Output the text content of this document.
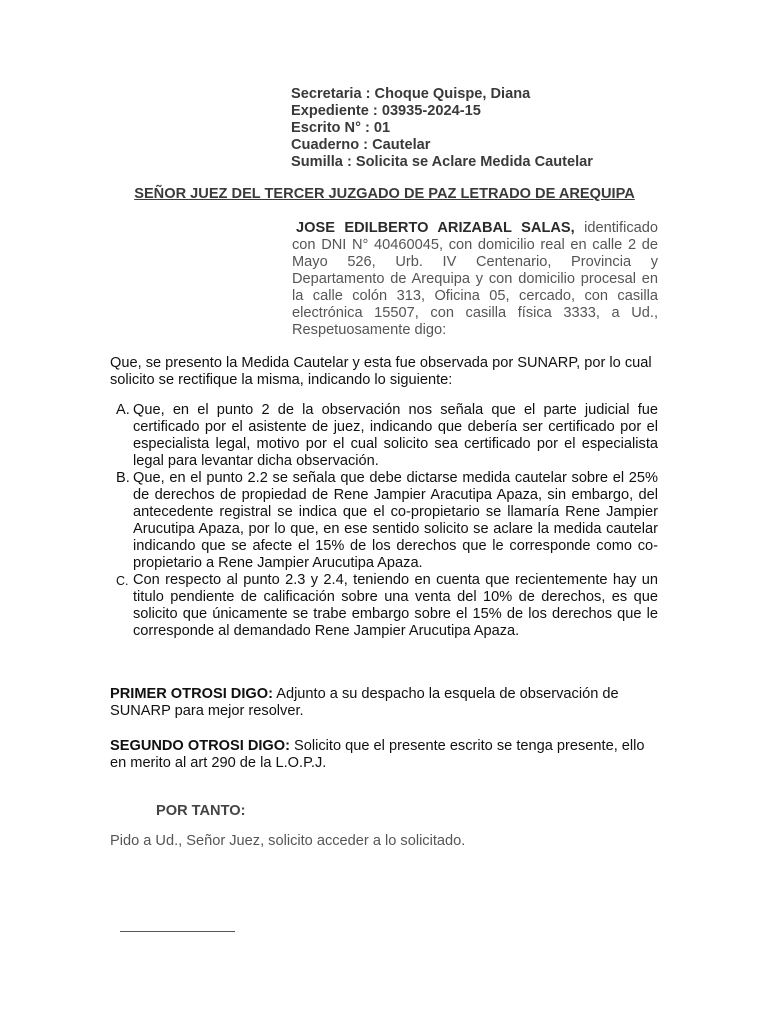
Secretaria : Choque Quispe, Diana
Expediente : 03935-2024-15
Escrito N° : 01
Cuaderno : Cautelar
Sumilla : Solicita se Aclare Medida Cautelar
SEÑOR JUEZ DEL TERCER JUZGADO DE PAZ LETRADO DE AREQUIPA
JOSE EDILBERTO ARIZABAL SALAS, identificado con DNI N° 40460045, con domicilio real en calle 2 de Mayo 526, Urb. IV Centenario, Provincia y Departamento de Arequipa y con domicilio procesal en la calle colón 313, Oficina 05, cercado, con casilla electrónica 15507, con casilla física 3333, a Ud., Respetuosamente digo:
Que, se presento la Medida Cautelar y esta fue observada por SUNARP, por lo cual solicito se rectifique la misma, indicando lo siguiente:
A. Que, en el punto 2 de la observación nos señala que el parte judicial fue certificado por el asistente de juez, indicando que debería ser certificado por el especialista legal, motivo por el cual solicito sea certificado por el especialista legal para levantar dicha observación.
B. Que, en el punto 2.2 se señala que debe dictarse medida cautelar sobre el 25% de derechos de propiedad de Rene Jampier Aracutipa Apaza, sin embargo, del antecedente registral se indica que el co-propietario se llamaría Rene Jampier Arucutipa Apaza, por lo que, en ese sentido solicito se aclare la medida cautelar indicando que se afecte el 15% de los derechos que le corresponde como co-propietario a Rene Jampier Arucutipa Apaza.
C. Con respecto al punto 2.3 y 2.4, teniendo en cuenta que recientemente hay un titulo pendiente de calificación sobre una venta del 10% de derechos, es que solicito que únicamente se trabe embargo sobre el 15% de los derechos que le corresponde al demandado Rene Jampier Arucutipa Apaza.
PRIMER OTROSI DIGO: Adjunto a su despacho la esquela de observación de SUNARP para mejor resolver.
SEGUNDO OTROSI DIGO: Solicito que el presente escrito se tenga presente, ello en merito al art 290 de la L.O.P.J.
POR TANTO:
Pido a Ud., Señor Juez, solicito acceder a lo solicitado.
